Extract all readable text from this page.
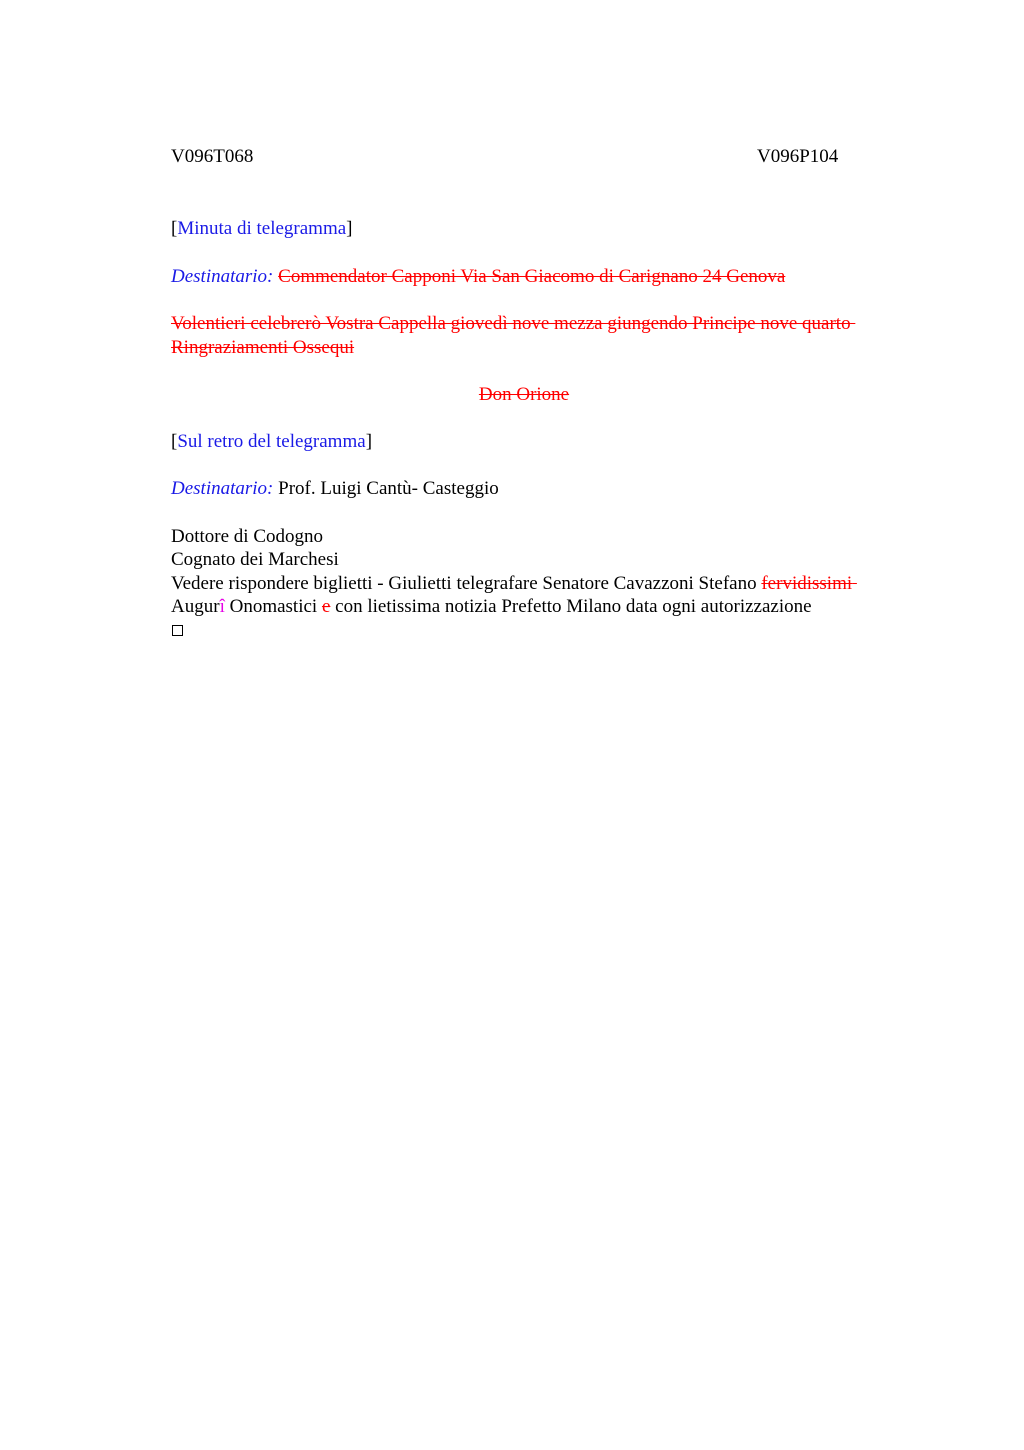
V096T068	V096P104

[Minuta di telegramma]

Destinatario: Commendator Capponi Via San Giacomo di Carignano 24 Genova

Volentieri celebrerò Vostra Cappella giovedì nove mezza giungendo Principe nove quarto
Ringraziamenti Ossequi

Don Orione

[Sul retro del telegramma]

Destinatario: Prof. Luigi Cantù- Casteggio

Dottore di Codogno
Cognato dei Marchesi
Vedere rispondere biglietti - Giulietti telegrafare Senatore Cavazzoni Stefano fervidissimi
Augurî Onomastici e con lietissima notizia Prefetto Milano data ogni autorizzazione
